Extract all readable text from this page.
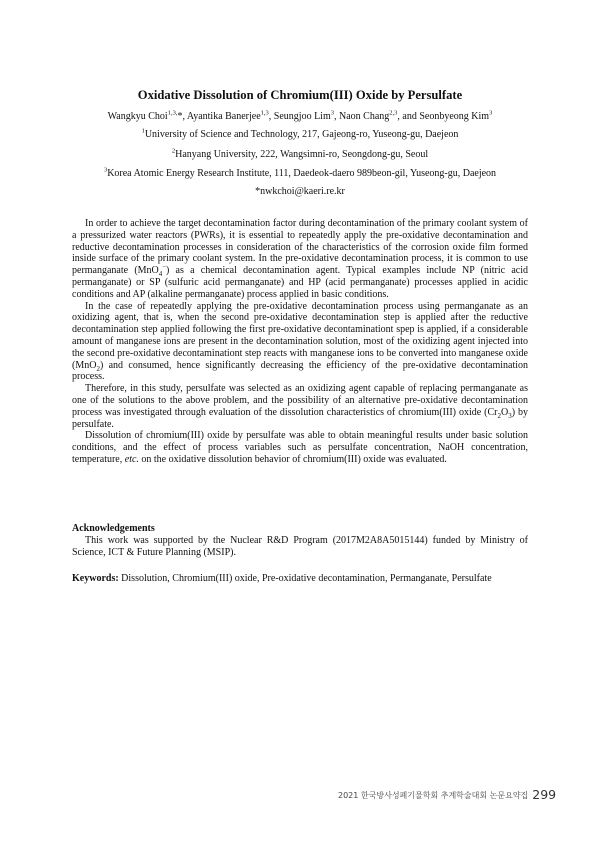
Oxidative Dissolution of Chromium(III) Oxide by Persulfate
Wangkyu Choi$^{1,3,}$*, Ayantika Banerjee$^{1,3}$, Seungjoo Lim$^3$, Naon Chang$^{2,3}$, and Seonbyeong Kim$^3$
$^1$University of Science and Technology, 217, Gajeong-ro, Yuseong-gu, Daejeon
$^2$Hanyang University, 222, Wangsimni-ro, Seongdong-gu, Seoul
$^3$Korea Atomic Energy Research Institute, 111, Daedeok-daero 989beon-gil, Yuseong-gu, Daejeon
*nwkchoi@kaeri.re.kr

In order to achieve the target decontamination factor during decontamination of the primary coolant system of a pressurized water reactors (PWRs), it is essential to repeatedly apply the pre-oxidative decontamination and reductive decontamination processes in consideration of the characteristics of the corrosion oxide film formed inside surface of the primary coolant system. In the pre-oxidative decontamination process, it is common to use permanganate (MnO$_4$−) as a chemical decontamination agent. Typical examples include NP (nitric acid permanganate) or SP (sulfuric acid permanganate) and HP (acid permanganate) processes applied in acidic conditions and AP (alkaline permanganate) process applied in basic conditions.

In the case of repeatedly applying the pre-oxidative decontamination process using permanganate as an oxidizing agent, that is, when the second pre-oxidative decontamination step is applied after the reductive decontamination step applied following the first pre-oxidative decontaminationt spep is applied, if a considerable amount of manganese ions are present in the decontamination solution, most of the oxidizing agent injected into the second pre-oxidative decontaminationt step reacts with manganese ions to be converted into manganese oxide (MnO$_2$) and consumed, hence significantly decreasing the efficiency of the pre-oxidative decontamination process.

Therefore, in this study, persulfate was selected as an oxidizing agent capable of replacing permanganate as one of the solutions to the above problem, and the possibility of an alternative pre-oxidative decontamination process was investigated through evaluation of the dissolution characteristics of chromium(III) oxide $(Cr_2O_3)$ by persulfate.

Dissolution of chromium(III) oxide by persulfate was able to obtain meaningful results under basic solution conditions, and the effect of process variables such as persulfate concentration, NaOH concentration, temperature, etc. on the oxidative dissolution behavior of chromium(III) oxide was evaluated.

Acknowledgements

This work was supported by the Nuclear R&D Program (2017M2A8A5015144) funded by Ministry of Science, ICT & Future Planning (MSIP).

Keywords: Dissolution, Chromium(III) oxide, Pre-oxidative decontamination, Permanganate, Persulfate
2021 한국방사성폐기물학회 추계학술대회 논문요약집 299
